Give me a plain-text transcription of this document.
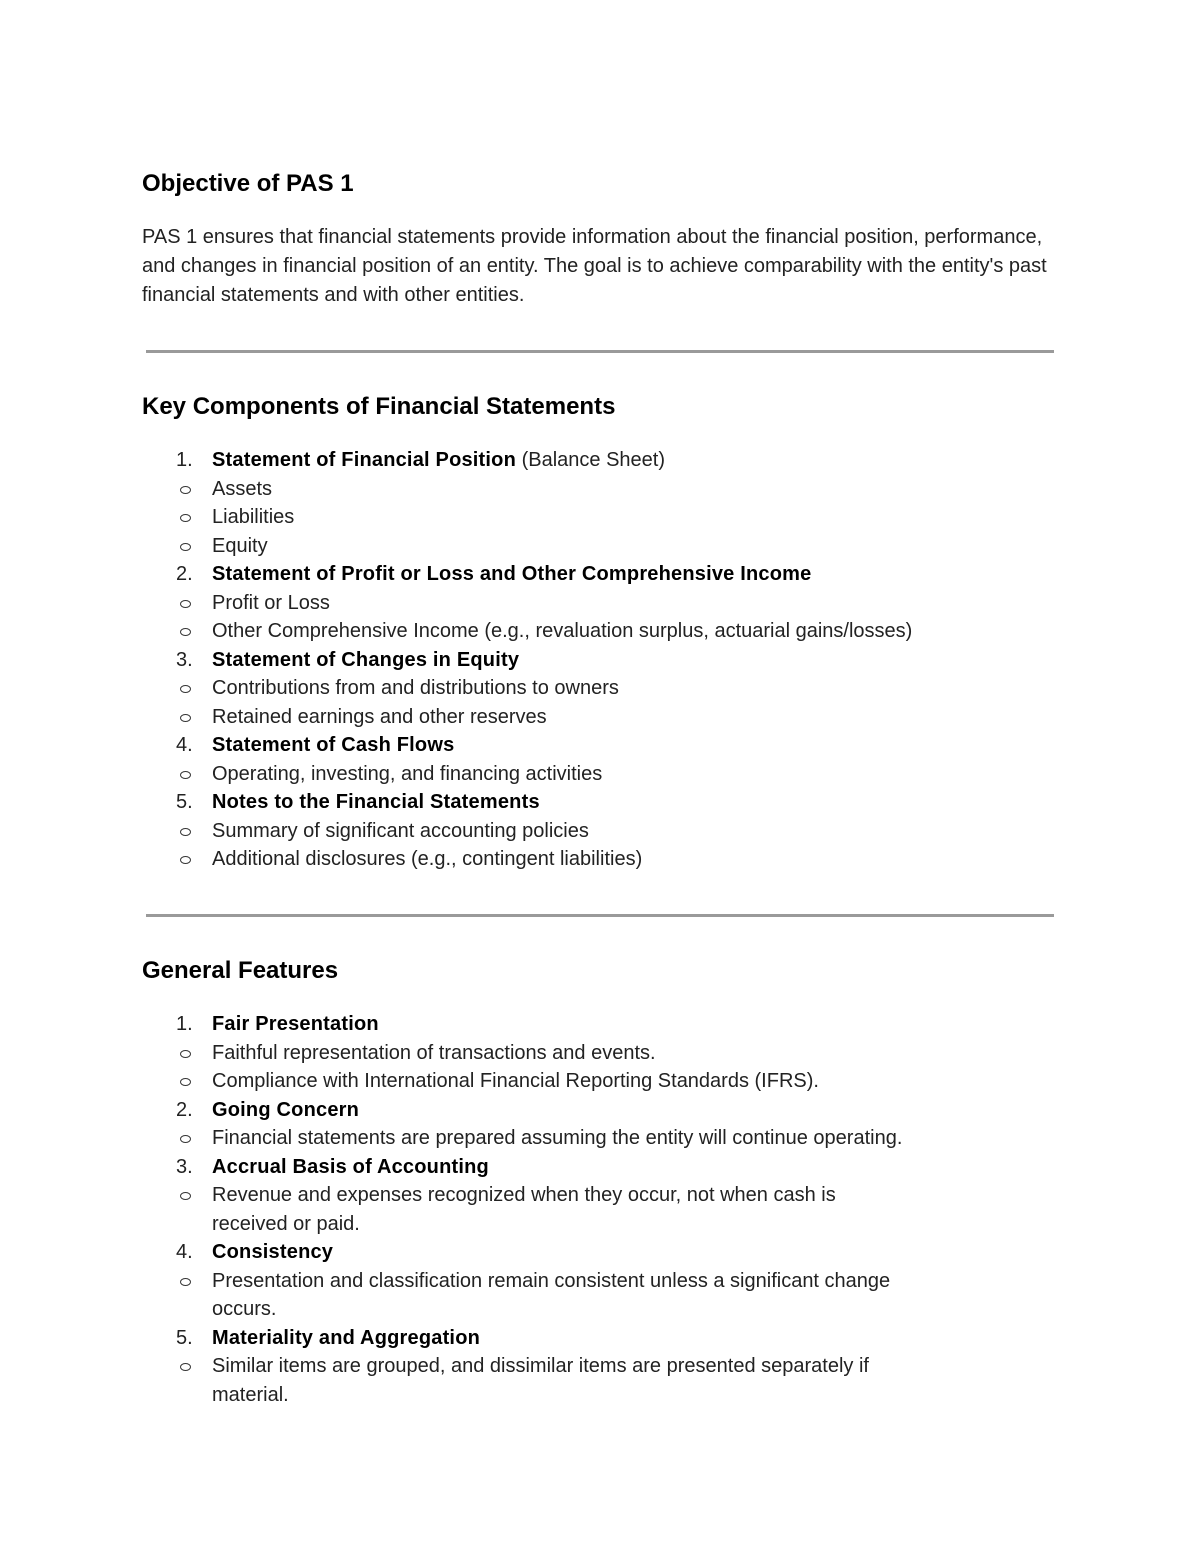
Objective of PAS 1

PAS 1 ensures that financial statements provide information about the financial position, performance, and changes in financial position of an entity. The goal is to achieve comparability with the entity's past financial statements and with other entities.

Key Components of Financial Statements
1. Statement of Financial Position (Balance Sheet)
Assets
Liabilities
Equity
2. Statement of Profit or Loss and Other Comprehensive Income
Profit or Loss
Other Comprehensive Income (e.g., revaluation surplus, actuarial gains/losses)
3. Statement of Changes in Equity
Contributions from and distributions to owners
Retained earnings and other reserves
4. Statement of Cash Flows
Operating, investing, and financing activities
5. Notes to the Financial Statements
Summary of significant accounting policies
Additional disclosures (e.g., contingent liabilities)
General Features
1. Fair Presentation
Faithful representation of transactions and events.
Compliance with International Financial Reporting Standards (IFRS).
2. Going Concern
Financial statements are prepared assuming the entity will continue operating.
3. Accrual Basis of Accounting
Revenue and expenses recognized when they occur, not when cash is received or paid.
4. Consistency
Presentation and classification remain consistent unless a significant change occurs.
5. Materiality and Aggregation
Similar items are grouped, and dissimilar items are presented separately if material.
